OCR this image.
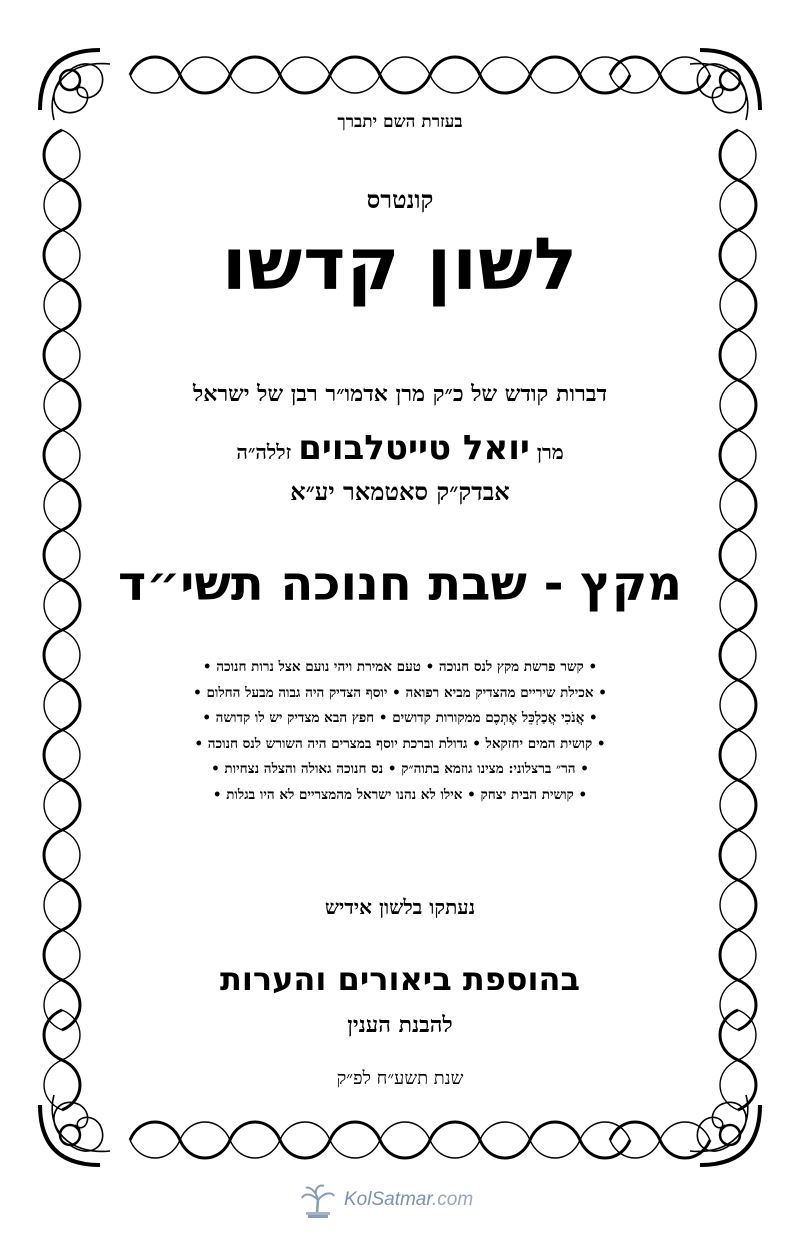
בעזרת השם יתברך
קונטרס
לשון קדשו
דברות קודש של כ״ק מרן אדמו״ר רבן של ישראל
מרן יואל טייטלבוים זללה״ה
אבדק״ק סאטמאר יע״א
מקץ - שבת חנוכה תשי״ד
• קשר פרשת מקץ לנס חנוכה • טעם אמירת ויהי נועם אצל נרות חנוכה •
• אכילת שיריים מהצדיק מביא רפואה • יוסף הצדיק היה גבוה מבעל החלום •
• אֲנֹכִי אֲכַלְכֵּל אֶתְכֶם ממקורות קדושים • חפץ הבא מצדיק יש לו קדושה •
• קושית המים יחזקאל • גדולת וברכת יוסף במצרים היה השורש לנס חנוכה •
• הר״ ברצלוני: מצינו גוזמא בתוה״ק • נס חנוכה גאולה והצלה נצחיות •
• קושית הבית יצחק • אילו לא נהנו ישראל מהמצריים לא היו בגלות •
נעתקו בלשון אידיש
בהוספת ביאורים והערות
להבנת הענין
שנת תשע״ח לפ״ק
KolSatmar.com
